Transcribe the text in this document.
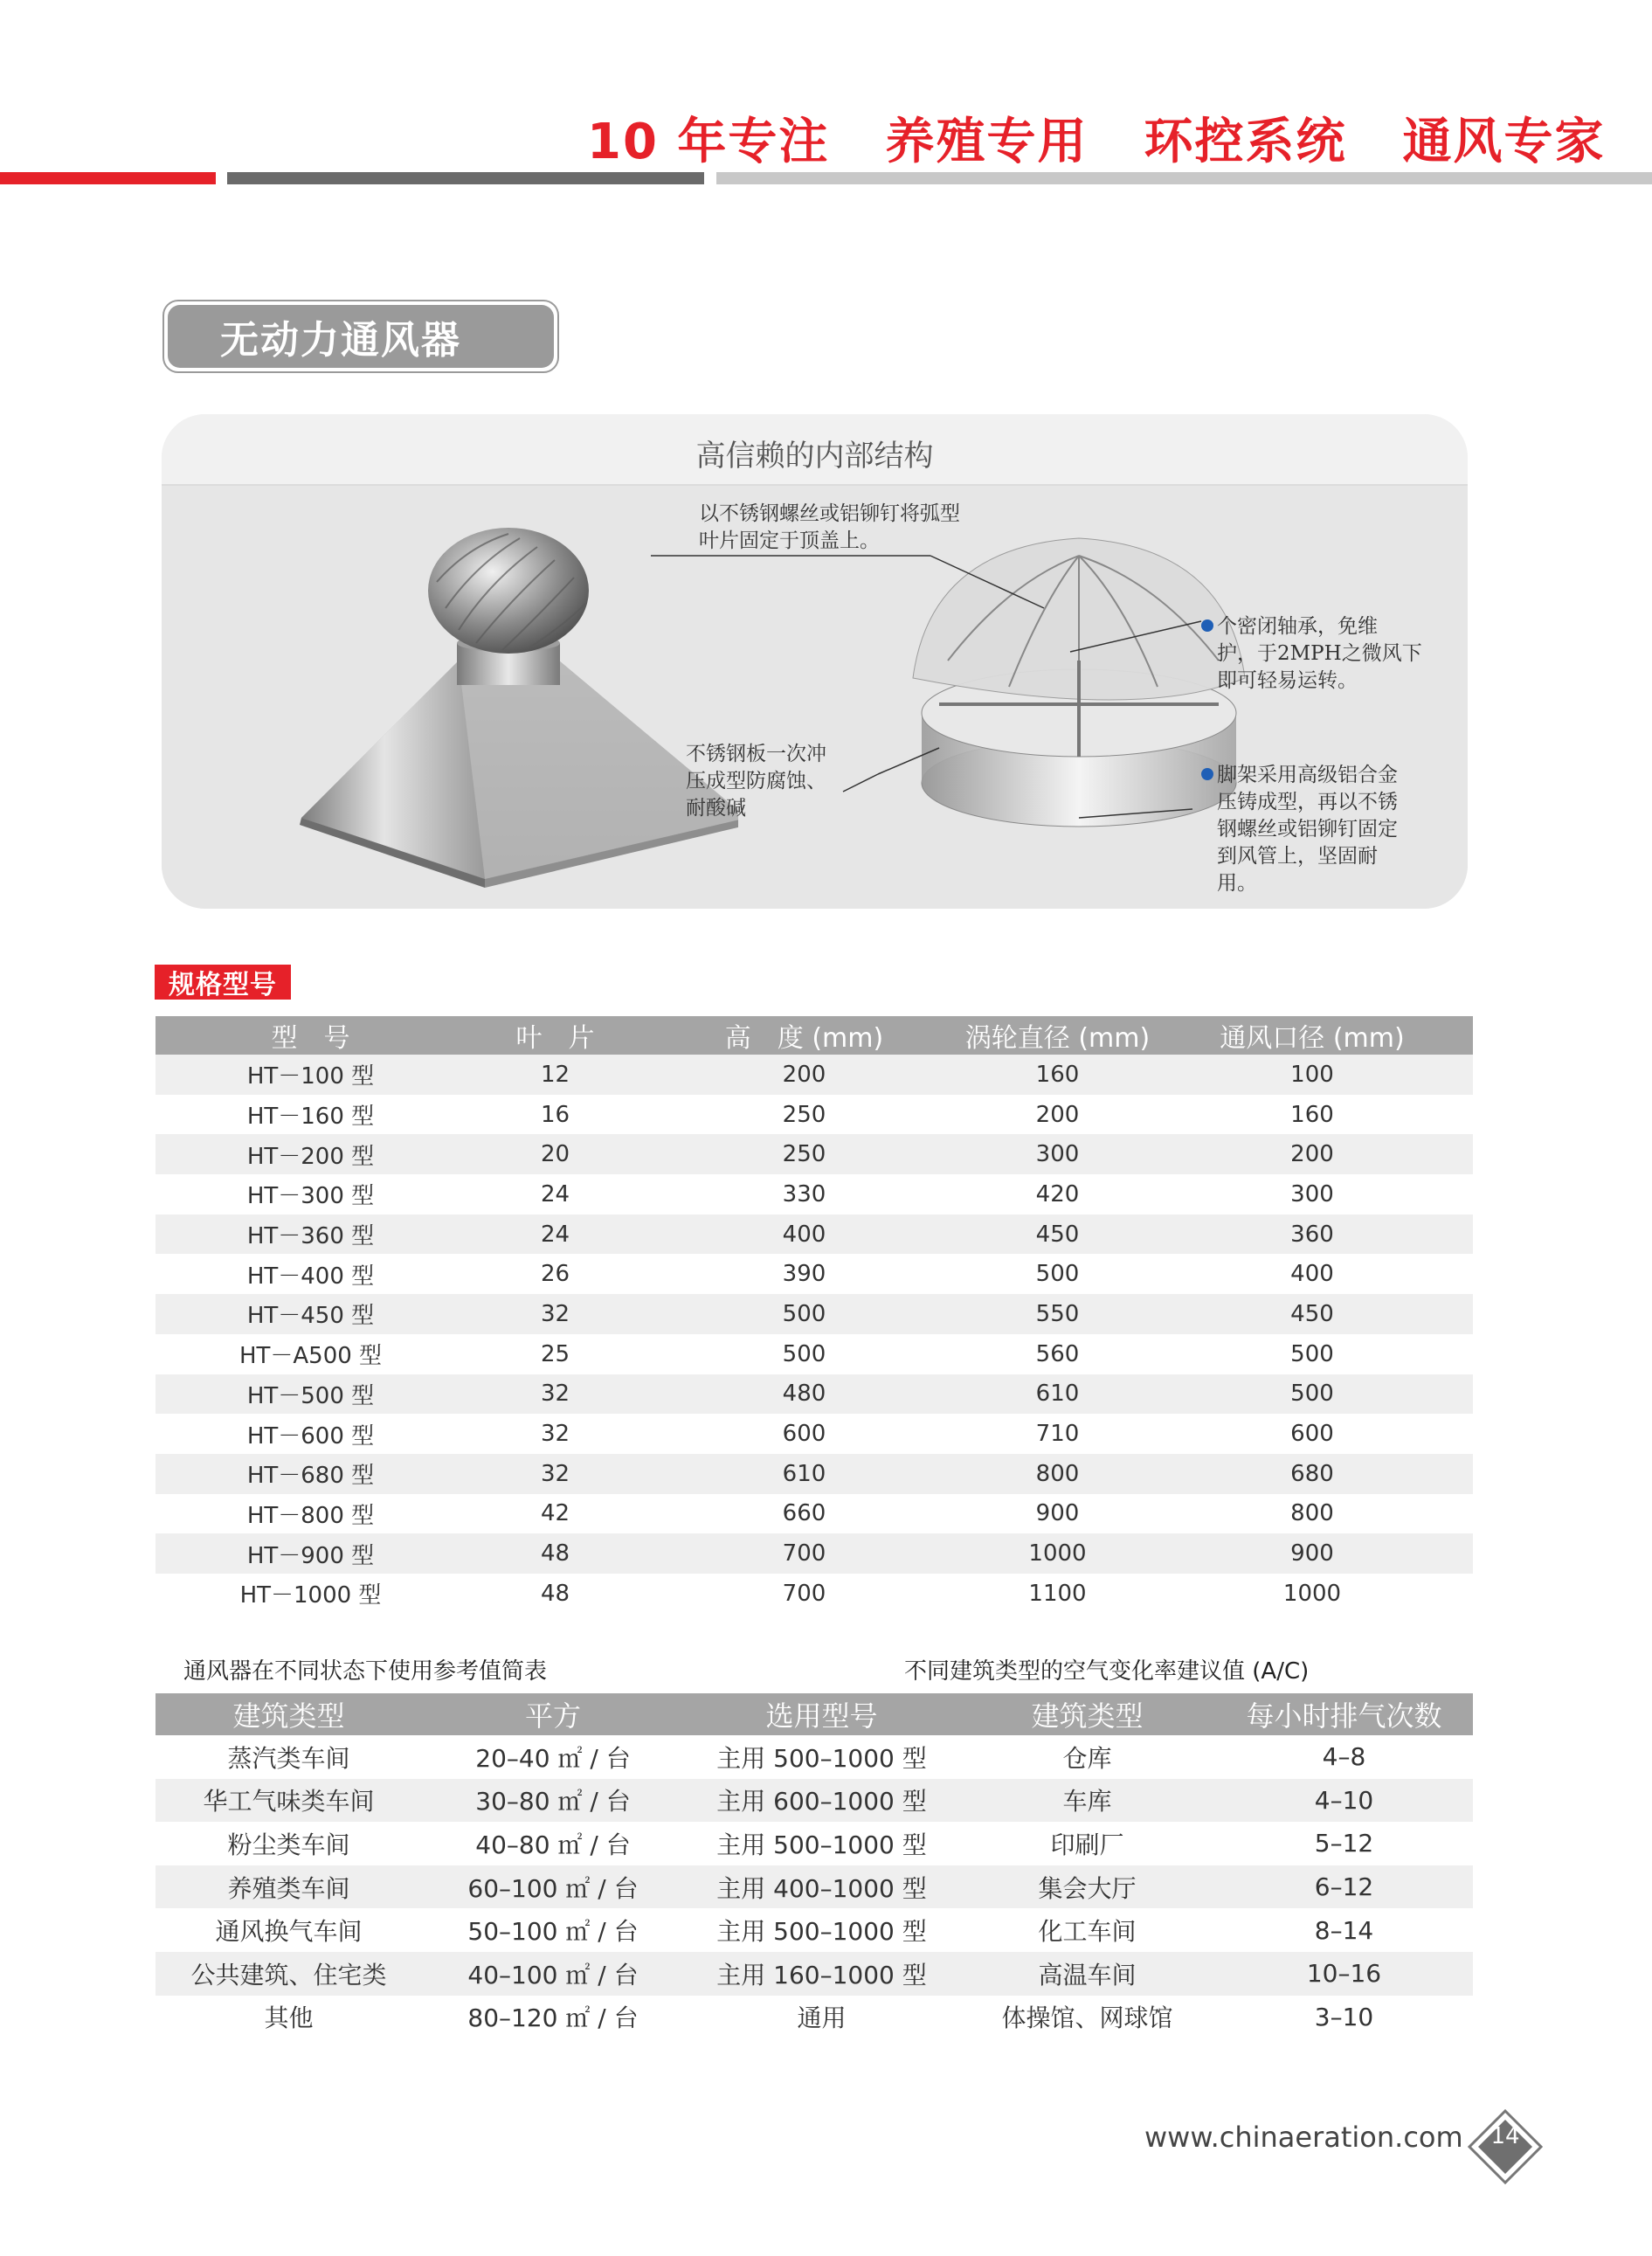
10 年专注 养殖专用 环控系统 通风专家
无动力通风器
高信赖的内部结构
以不锈钢螺丝或铝铆钉将弧型
叶片固定于顶盖上。
不锈钢板一次冲
压成型防腐蚀、
耐酸碱
个密闭轴承，免维
护，于2MPH之微风下
即可轻易运转。
脚架采用高级铝合金
压铸成型，再以不锈
钢螺丝或铝铆钉固定
到风管上，坚固耐
用。
规格型号
型　号	叶　片	高　度 (mm)	涡轮直径 (mm)	通风口径 (mm)
HT－100 型	12	200	160	100
HT－160 型	16	250	200	160
HT－200 型	20	250	300	200
HT－300 型	24	330	420	300
HT－360 型	24	400	450	360
HT－400 型	26	390	500	400
HT－450 型	32	500	550	450
HT－A500 型	25	500	560	500
HT－500 型	32	480	610	500
HT－600 型	32	600	710	600
HT－680 型	32	610	800	680
HT－800 型	42	660	900	800
HT－900 型	48	700	1000	900
HT－1000 型	48	700	1100	1000
通风器在不同状态下使用参考值简表	不同建筑类型的空气变化率建议值 (A/C)
建筑类型	平方	选用型号	建筑类型	每小时排气次数
蒸汽类车间	20–40 ㎡ / 台	主用 500–1000 型	仓库	4–8
华工气味类车间	30–80 ㎡ / 台	主用 600–1000 型	车库	4–10
粉尘类车间	40–80 ㎡ / 台	主用 500–1000 型	印刷厂	5–12
养殖类车间	60–100 ㎡ / 台	主用 400–1000 型	集会大厅	6–12
通风换气车间	50–100 ㎡ / 台	主用 500–1000 型	化工车间	8–14
公共建筑、住宅类	40–100 ㎡ / 台	主用 160–1000 型	高温车间	10–16
其他	80–120 ㎡ / 台	通用	体操馆、网球馆	3–10
www.chinaeration.com	14
